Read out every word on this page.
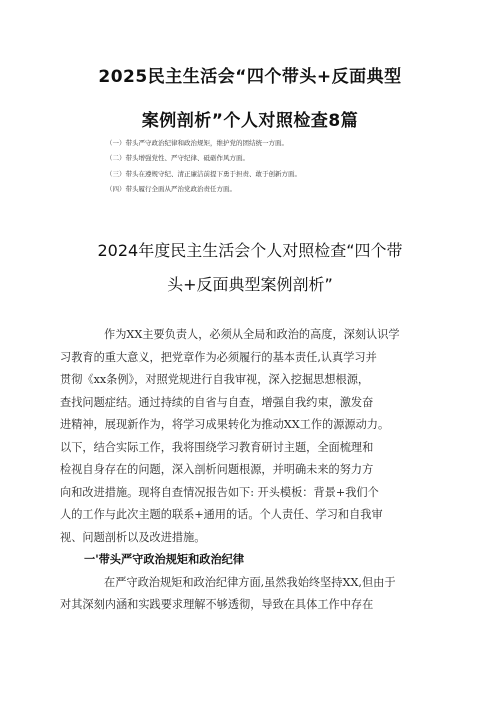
2025民主生活会“四个带头+反面典型
案例剖析”个人对照检查8篇
（一）带头严守政治纪律和政治规矩，维护党的团结统一方面。
（二）带头增强党性、严守纪律、砥砺作风方面。
（三）带头在遵规守纪、清正廉洁前提下勇于担责、敢于创新方面。
（四）带头履行全面从严治党政治责任方面。
2024年度民主生活会个人对照检查“四个带
头+反面典型案例剖析”
作为XX主要负责人，必须从全局和政治的高度，深刻认识学
习教育的重大意义，把党章作为必须履行的基本责任,认真学习并
贯彻《xx条例》，对照党规进行自我审视，深入挖掘思想根源，
查找问题症结。通过持续的自省与自查，增强自我约束，激发奋
进精神，展现新作为，将学习成果转化为推动XX工作的源源动力。
以下，结合实际工作，我将围绕学习教育研讨主题，全面梳理和
检视自身存在的问题，深入剖析问题根源，并明确未来的努力方
向和改进措施。现将自查情况报告如下: 开头模板：背景+我们个
人的工作与此次主题的联系+通用的话。个人责任、学习和自我审
视、问题剖析以及改进措施。
一'带头严守政治规矩和政治纪律
在严守政治规矩和政治纪律方面,虽然我始终坚持XX,但由于
对其深刻内涵和实践要求理解不够透彻，导致在具体工作中存在
